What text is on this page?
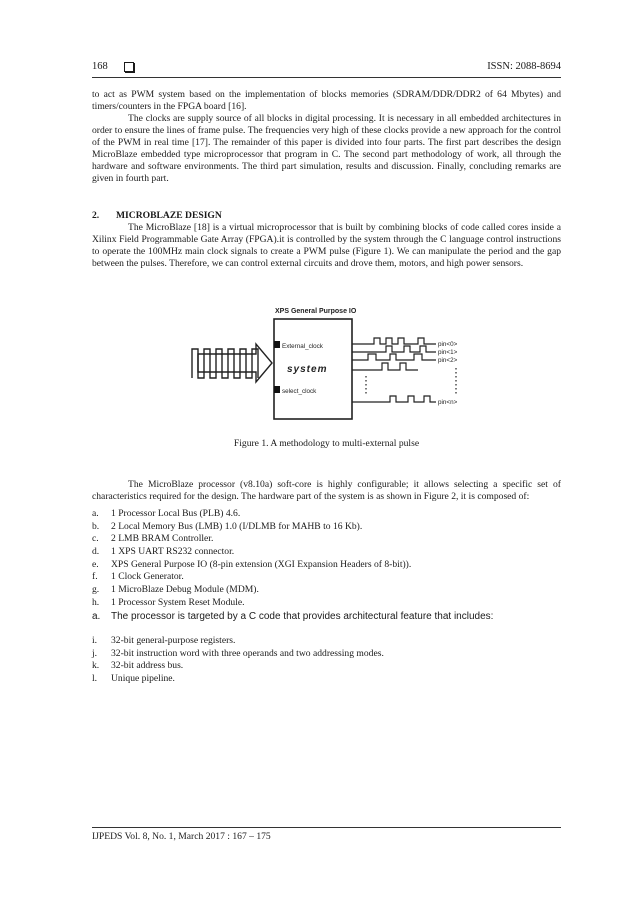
168	ISSN: 2088-8694

to act as PWM system based on the implementation of blocks memories (SDRAM/DDR/DDR2 of 64 Mbytes) and timers/counters in the FPGA board [16].

The clocks are supply source of all blocks in digital processing. It is necessary in all embedded architectures in order to ensure the lines of frame pulse. The frequencies very high of these clocks provide a new approach for the control of the PWM in real time [17]. The remainder of this paper is divided into four parts. The first part describes the design MicroBlaze embedded type microprocessor that program in C. The second part methodology of work, all through the hardware and software environments. The third part simulation, results and discussion. Finally, concluding remarks are given in fourth part.

2. MICROBLAZE DESIGN

The MicroBlaze [18] is a virtual microprocessor that is built by combining blocks of code called cores inside a Xilinx Field Programmable Gate Array (FPGA).it is controlled by the system through the C language control instructions to operate the 100MHz main clock signals to create a PWM pulse (Figure 1). We can manipulate the period and the gap between the pulses. Therefore, we can control external circuits and drove them, motors, and high power sensors.

XPS General Purpose IO
External_clock
system
select_clock
pin<0>
pin<1>
pin<2>
pin<n>
Figure 1. A methodology to multi-external pulse

The MicroBlaze processor (v8.10a) soft-core is highly configurable; it allows selecting a specific set of characteristics required for the design. The hardware part of the system is as shown in Figure 2, it is composed of:

a. 1 Processor Local Bus (PLB) 4.6.
b. 2 Local Memory Bus (LMB) 1.0 (I/DLMB for MAHB to 16 Kb).
c. 2 LMB BRAM Controller.
d. 1 XPS UART RS232 connector.
e. XPS General Purpose IO (8-pin extension (XGI Expansion Headers of 8-bit)).
f. 1 Clock Generator.
g. 1 MicroBlaze Debug Module (MDM).
h. 1 Processor System Reset Module.
a. The processor is targeted by a C code that provides architectural feature that includes:
i. 32-bit general-purpose registers.
j. 32-bit instruction word with three operands and two addressing modes.
k. 32-bit address bus.
l. Unique pipeline.
IJPEDS Vol. 8, No. 1, March 2017 : 167 – 175
